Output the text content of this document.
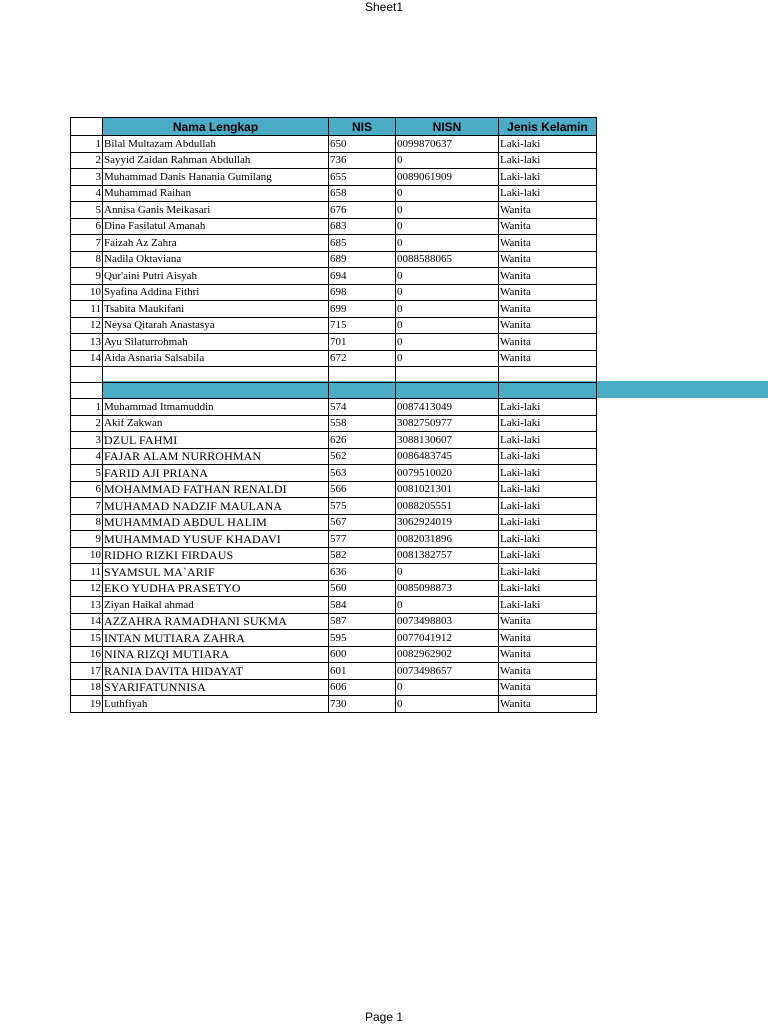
Sheet1
	Nama Lengkap	NIS	NISN	Jenis Kelamin
1	Bilal Multazam Abdullah	650	0099870637	Laki-laki
2	Sayyid Zaidan Rahman Abdullah	736	0	Laki-laki
3	Muhammad Danis Hanania Gumilang	655	0089061909	Laki-laki
4	Muhammad Raihan	658	0	Laki-laki
5	Annisa Ganis Meikasari	676	0	Wanita
6	Dina Fasilatul Amanah	683	0	Wanita
7	Faizah Az Zahra	685	0	Wanita
8	Nadila Oktaviana	689	0088588065	Wanita
9	Qur'aini Putri Aisyah	694	0	Wanita
10	Syafina Addina Fithri	698	0	Wanita
11	Tsabita Maukifani	699	0	Wanita
12	Neysa Qitarah Anastasya	715	0	Wanita
13	Ayu Silaturrohmah	701	0	Wanita
14	Aida Asnaria Salsabila	672	0	Wanita

1	Muhammad Itmamuddin	574	0087413049	Laki-laki
2	Akif Zakwan	558	3082750977	Laki-laki
3	DZUL FAHMI	626	3088130607	Laki-laki
4	FAJAR ALAM NURROHMAN	562	0086483745	Laki-laki
5	FARID AJI PRIANA	563	0079510020	Laki-laki
6	MOHAMMAD FATHAN RENALDI	566	0081021301	Laki-laki
7	MUHAMAD NADZIF MAULANA	575	0088205551	Laki-laki
8	MUHAMMAD ABDUL HALIM	567	3062924019	Laki-laki
9	MUHAMMAD YUSUF KHADAVI	577	0082031896	Laki-laki
10	RIDHO RIZKI FIRDAUS	582	0081382757	Laki-laki
11	SYAMSUL MA`ARIF	636	0	Laki-laki
12	EKO YUDHA PRASETYO	560	0085098873	Laki-laki
13	Ziyan Haikal ahmad	584	0	Laki-laki
14	AZZAHRA RAMADHANI SUKMA	587	0073498803	Wanita
15	INTAN MUTIARA ZAHRA	595	0077041912	Wanita
16	NINA RIZQI MUTIARA	600	0082962902	Wanita
17	RANIA DAVITA HIDAYAT	601	0073498657	Wanita
18	SYARIFATUNNISA	606	0	Wanita
19	Luthfiyah	730	0	Wanita
Page 1
